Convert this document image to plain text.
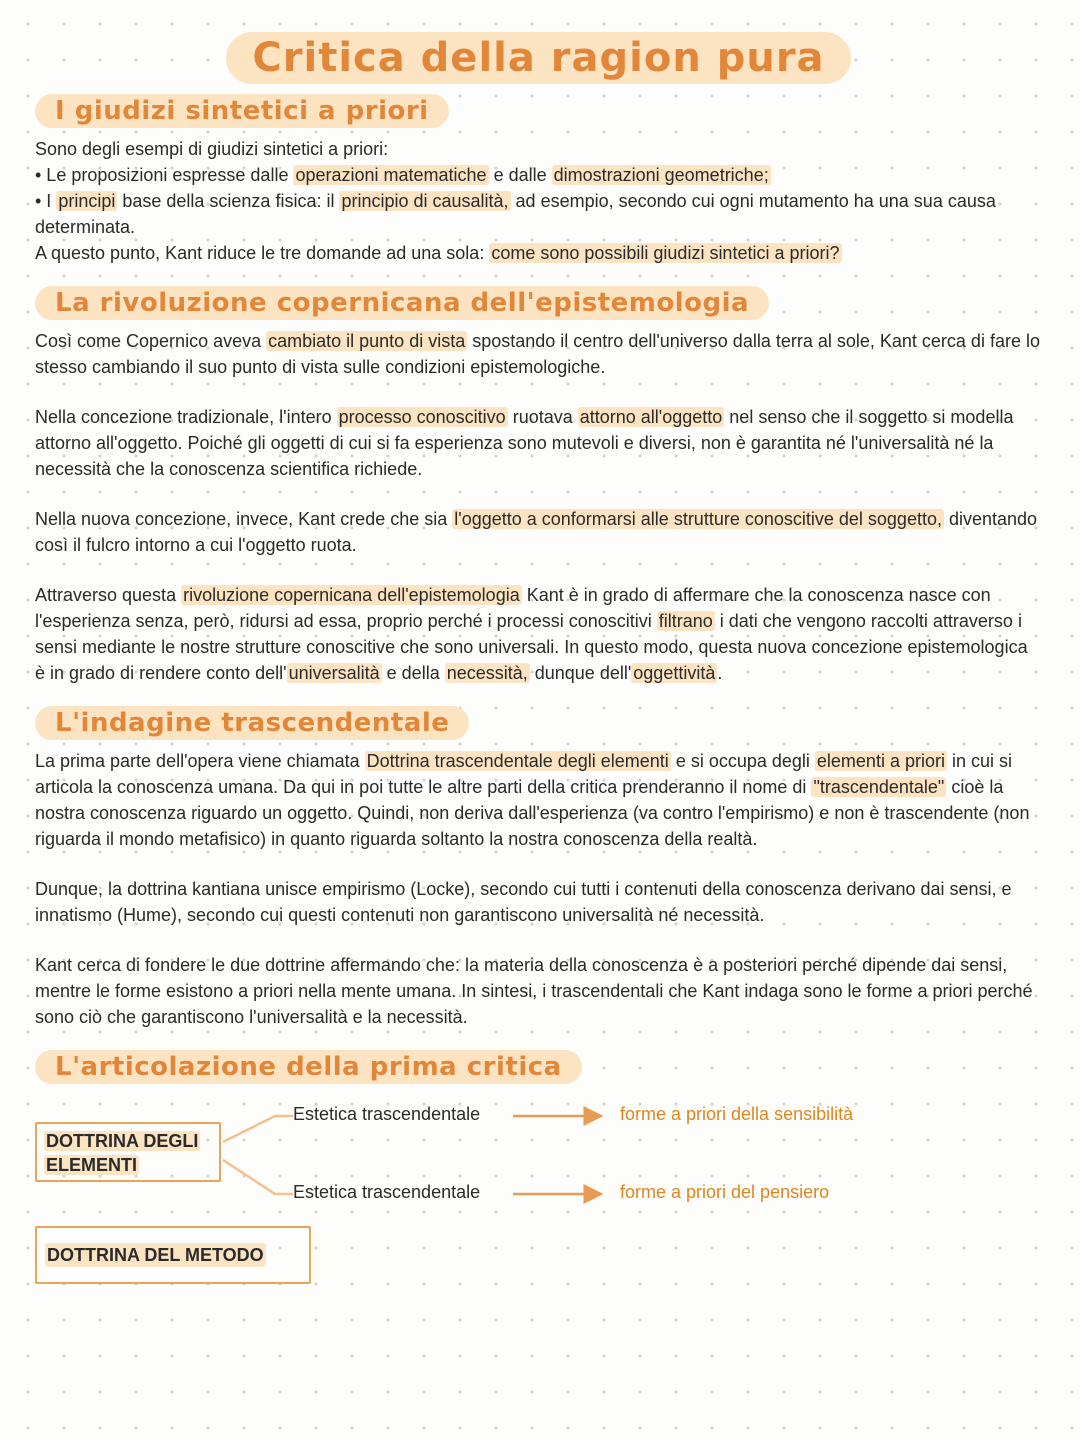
Critica della ragion pura
I giudizi sintetici a priori

Sono degli esempi di giudizi sintetici a priori:

• Le proposizioni espresse dalle operazioni matematiche e dalle dimostrazioni geometriche;

• I principi base della scienza fisica: il principio di causalità, ad esempio, secondo cui ogni mutamento ha una sua causa determinata.

A questo punto, Kant riduce le tre domande ad una sola: come sono possibili giudizi sintetici a priori?

La rivoluzione copernicana dell'epistemologia

Così come Copernico aveva cambiato il punto di vista spostando il centro dell'universo dalla terra al sole, Kant cerca di fare lo stesso cambiando il suo punto di vista sulle condizioni epistemologiche.

Nella concezione tradizionale, l'intero processo conoscitivo ruotava attorno all'oggetto nel senso che il soggetto si modella attorno all'oggetto. Poiché gli oggetti di cui si fa esperienza sono mutevoli e diversi, non è garantita né l'universalità né la necessità che la conoscenza scientifica richiede.

Nella nuova concezione, invece, Kant crede che sia l'oggetto a conformarsi alle strutture conoscitive del soggetto, diventando così il fulcro intorno a cui l'oggetto ruota.

Attraverso questa rivoluzione copernicana dell'epistemologia Kant è in grado di affermare che la conoscenza nasce con l'esperienza senza, però, ridursi ad essa, proprio perché i processi conoscitivi filtrano i dati che vengono raccolti attraverso i sensi mediante le nostre strutture conoscitive che sono universali. In questo modo, questa nuova concezione epistemologica è in grado di rendere conto dell' universalità e della necessità, dunque dell' oggettività .

L'indagine trascendentale

La prima parte dell'opera viene chiamata Dottrina trascendentale degli elementi e si occupa degli elementi a priori in cui si articola la conoscenza umana. Da qui in poi tutte le altre parti della critica prenderanno il nome di "trascendentale" cioè la nostra conoscenza riguardo un oggetto. Quindi, non deriva dall'esperienza (va contro l'empirismo) e non è trascendente (non riguarda il mondo metafisico) in quanto riguarda soltanto la nostra conoscenza della realtà.

Dunque, la dottrina kantiana unisce empirismo (Locke), secondo cui tutti i contenuti della conoscenza derivano dai sensi, e innatismo (Hume), secondo cui questi contenuti non garantiscono universalità né necessità.

Kant cerca di fondere le due dottrine affermando che: la materia della conoscenza è a posteriori perché dipende dai sensi, mentre le forme esistono a priori nella mente umana. In sintesi, i trascendentali che Kant indaga sono le forme a priori perché sono ciò che garantiscono l'universalità e la necessità.

L'articolazione della prima critica
DOTTRINA DEGLI
ELEMENTI
Estetica trascendentale	forme a priori della sensibilità
Estetica trascendentale	forme a priori del pensiero
DOTTRINA DEL METODO
